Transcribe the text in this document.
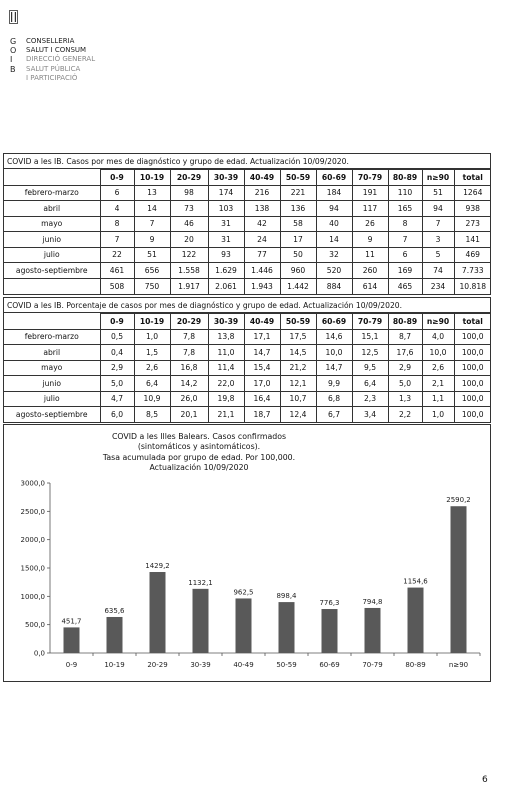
G
O
I
B
CONSELLERIA
SALUT I CONSUM
DIRECCIÓ GENERAL
SALUT PÚBLICA
I PARTICIPACIÓ
COVID a les IB. Casos por mes de diagnóstico y grupo de edad. Actualización 10/09/2020.
	0-9	10-19	20-29	30-39	40-49	50-59	60-69	70-79	80-89	n≥90	total
febrero-marzo	6	13	98	174	216	221	184	191	110	51	1264
abril	4	14	73	103	138	136	94	117	165	94	938
mayo	8	7	46	31	42	58	40	26	8	7	273
junio	7	9	20	31	24	17	14	9	7	3	141
julio	22	51	122	93	77	50	32	11	6	5	469
agosto-septiembre	461	656	1.558	1.629	1.446	960	520	260	169	74	7.733
	508	750	1.917	2.061	1.943	1.442	884	614	465	234	10.818
COVID a les IB. Porcentaje de casos por mes de diagnóstico y grupo de edad. Actualización 10/09/2020.
	0-9	10-19	20-29	30-39	40-49	50-59	60-69	70-79	80-89	n≥90	total
febrero-marzo	0,5	1,0	7,8	13,8	17,1	17,5	14,6	15,1	8,7	4,0	100,0
abril	0,4	1,5	7,8	11,0	14,7	14,5	10,0	12,5	17,6	10,0	100,0
mayo	2,9	2,6	16,8	11,4	15,4	21,2	14,7	9,5	2,9	2,6	100,0
junio	5,0	6,4	14,2	22,0	17,0	12,1	9,9	6,4	5,0	2,1	100,0
julio	4,7	10,9	26,0	19,8	16,4	10,7	6,8	2,3	1,3	1,1	100,0
agosto-septiembre	6,0	8,5	20,1	21,1	18,7	12,4	6,7	3,4	2,2	1,0	100,0
COVID a les Illes Balears. Casos confirmados
(sintomáticos y asintomáticos).
Tasa acumulada por grupo de edad. Por 100,000.
Actualización 10/09/2020
0,0
500,0
1000,0
1500,0
2000,0
2500,0
3000,0
451,7
0-9
635,6
10-19
1429,2
20-29
1132,1
30-39
962,5
40-49
898,4
50-59
776,3
60-69
794,8
70-79
1154,6
80-89
2590,2
n≥90
6
